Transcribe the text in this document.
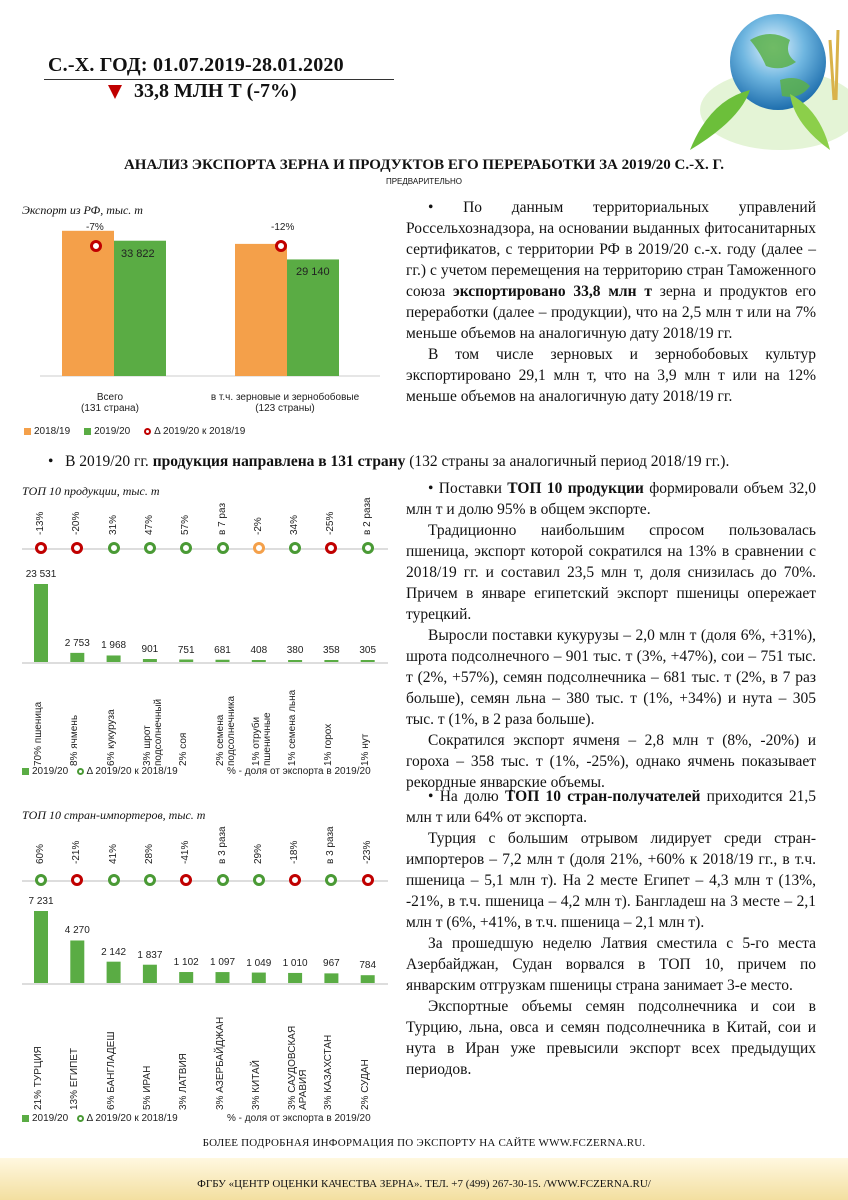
С.-Х. ГОД: 01.07.2019-28.01.2020
33,8 МЛН Т (-7%)
АНАЛИЗ ЭКСПОРТА ЗЕРНА И ПРОДУКТОВ ЕГО ПЕРЕРАБОТКИ ЗА 2019/20 С.-Х. Г.
ПРЕДВАРИТЕЛЬНО
Экспорт из РФ, тыс. т
-7%	-12%
33 822
29 140
Всего
(131 страна)
в т.ч. зерновые и зернобобовые
(123 страны)
2018/19 2019/20 Δ 2019/20 к 2018/19

• По данным территориальных управлений Россельхознадзора, на основании выданных фитосанитарных сертификатов, с территории РФ в 2019/20 с.-х. году (далее – гг.) с учетом перемещения на территорию стран Таможенного союза экспортировано 33,8 млн т зерна и продуктов его переработки (далее – продукции), что на 2,5 млн т или на 7% меньше объемов на аналогичную дату 2018/19 гг.

В том числе зерновых и зернобобовых культур экспортировано 29,1 млн т, что на 3,9 млн т или на 12% меньше объемов на аналогичную дату 2018/19 гг.

•   В 2019/20 гг. продукция направлена в 131 страну (132 страны за аналогичный период 2018/19 гг.).
ТОП 10 продукции, тыс. т
-13%
23 531
70% пшеница
-20%
2 753
8% ячмень
31%
1 968
6% кукуруза
47%
901
3% шрот подсолнечный
57%
751
2% соя
в 7 раз
681
2% семена подсолнечника
-2%
408
1% отруби пшеничные
34%
380
1% семена льна
-25%
358
1% горох
в 2 раза
305
1% нут
2019/20 Δ 2019/20 к 2018/19	% - доля от экспорта в 2019/20

• Поставки ТОП 10 продукции формировали объем 32,0 млн т и долю 95% в общем экспорте.

Традиционно наибольшим спросом пользовалась пшеница, экспорт которой сократился на 13% в сравнении с 2018/19 гг. и составил 23,5 млн т, доля снизилась до 70%. Причем в январе египетский экспорт пшеницы опережает турецкий.

Выросли поставки кукурузы – 2,0 млн т (доля 6%, +31%), шрота подсолнечного – 901 тыс. т (3%, +47%), сои – 751 тыс. т (2%, +57%), семян подсолнечника – 681 тыс. т (2%, в 7 раз больше), семян льна – 380 тыс. т (1%, +34%) и нута – 305 тыс. т (1%, в 2 раза больше).

Сократился экспорт ячменя – 2,8 млн т (8%, -20%) и гороха – 358 тыс. т (1%, -25%), однако ячмень показывает рекордные январские объемы.

ТОП 10 стран-импортеров, тыс. т
60%
7 231
21% ТУРЦИЯ
-21%
4 270
13% ЕГИПЕТ
41%
2 142
6% БАНГЛАДЕШ
28%
1 837
5% ИРАН
-41%
1 102
3% ЛАТВИЯ
в 3 раза
1 097
3% АЗЕРБАЙДЖАН
29%
1 049
3% КИТАЙ
-18%
1 010
3% САУДОВСКАЯ АРАВИЯ
в 3 раза
967
3% КАЗАХСТАН
-23%
784
2% СУДАН
2019/20 Δ 2019/20 к 2018/19	% - доля от экспорта в 2019/20

• На долю ТОП 10 стран-получателей приходится 21,5 млн т или 64% от экспорта.

Турция с большим отрывом лидирует среди стран-импортеров – 7,2 млн т (доля 21%, +60% к 2018/19 гг., в т.ч. пшеница – 5,1 млн т). На 2 месте Египет – 4,3 млн т (13%, -21%, в т.ч. пшеница – 4,2 млн т). Бангладеш на 3 месте – 2,1 млн т (6%, +41%, в т.ч. пшеница – 2,1 млн т).

За прошедшую неделю Латвия сместила с 5-го места Азербайджан, Судан ворвался в ТОП 10, причем по январским отгрузкам пшеницы страна занимает 3-е место.

Экспортные объемы семян подсолнечника и сои в Турцию, льна, овса и семян подсолнечника в Китай, сои и нута в Иран уже превысили экспорт всех предыдущих периодов.

БОЛЕЕ ПОДРОБНАЯ ИНФОРМАЦИЯ ПО ЭКСПОРТУ НА САЙТЕ WWW.FCZERNA.RU.
ФГБУ «ЦЕНТР ОЦЕНКИ КАЧЕСТВА ЗЕРНА». ТЕЛ. +7 (499) 267-30-15. /WWW.FCZERNA.RU/
